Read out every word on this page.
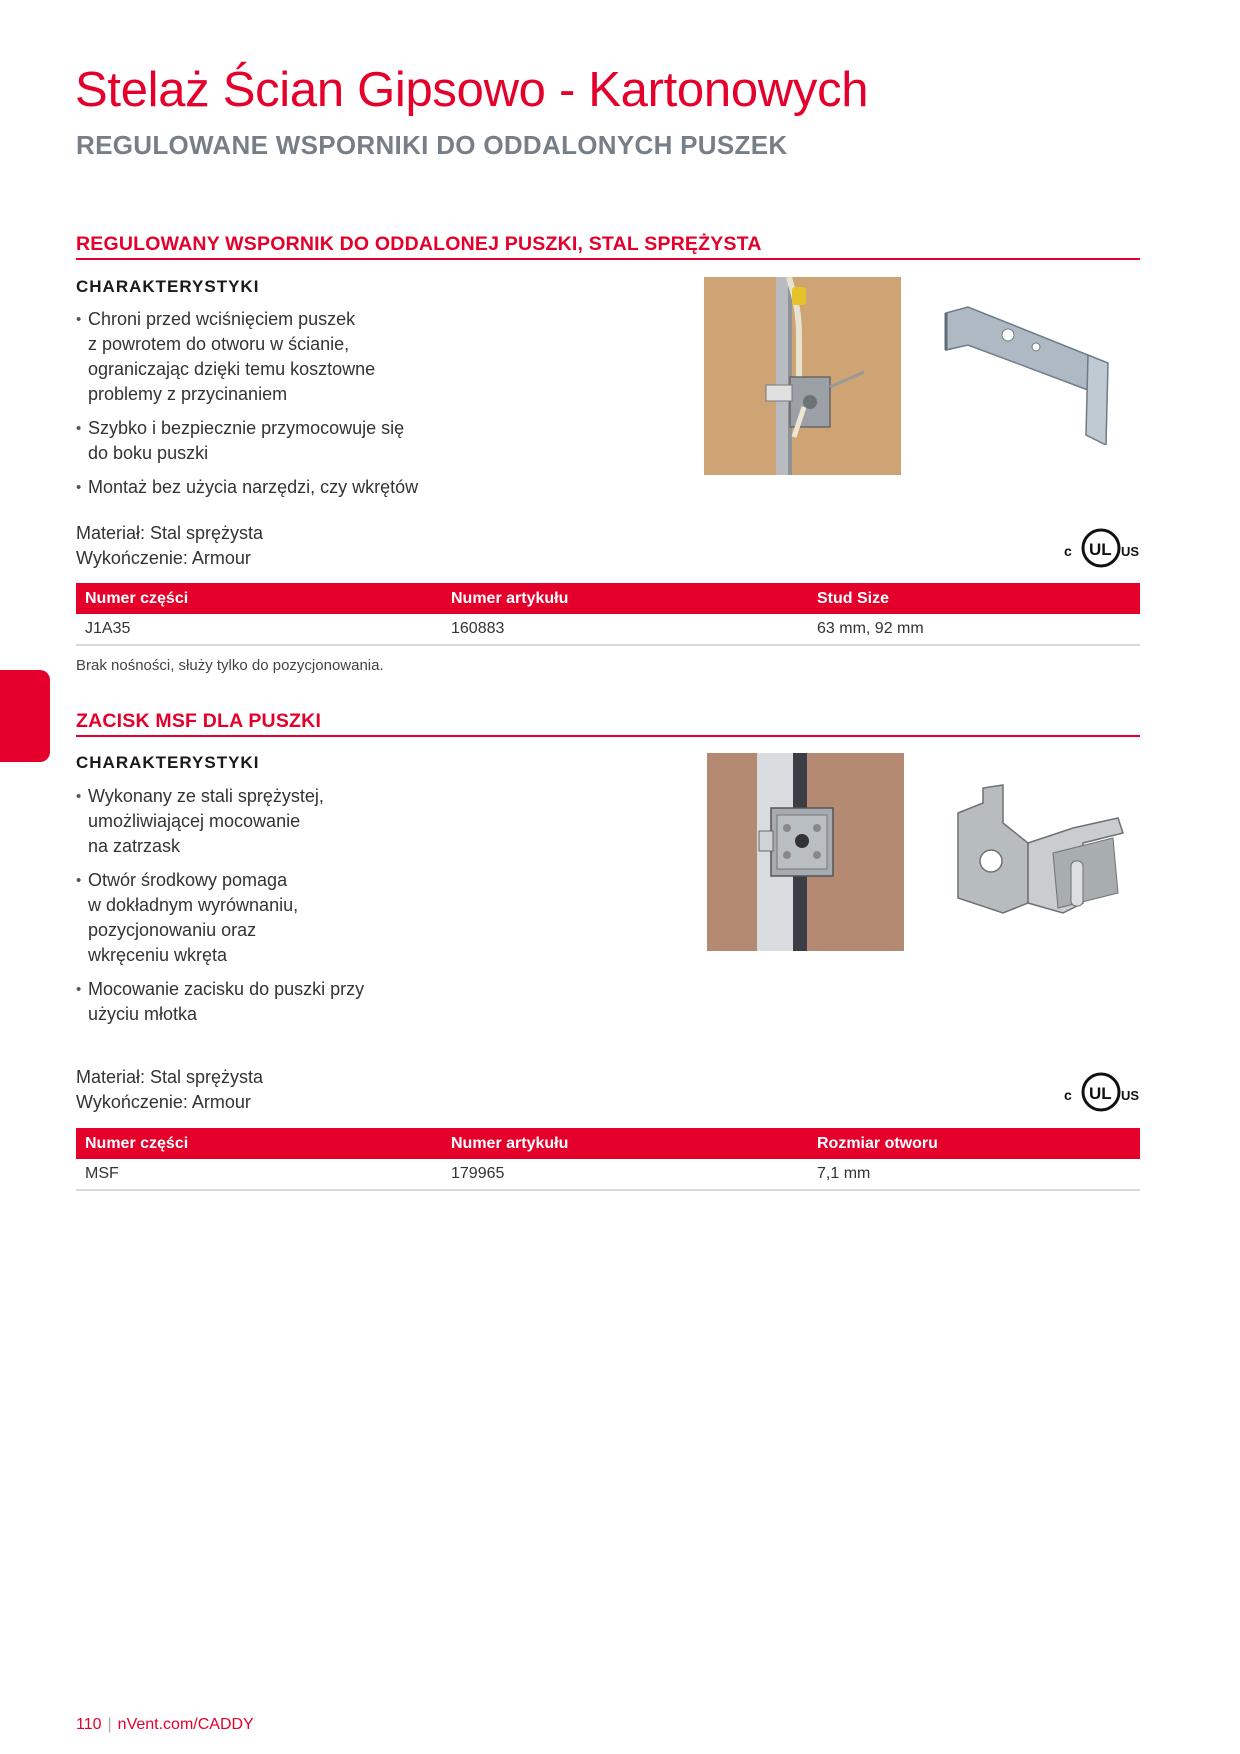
Stelaż Ścian Gipsowo - Kartonowych
REGULOWANE WSPORNIKI DO ODDALONYCH PUSZEK
REGULOWANY WSPORNIK DO ODDALONEJ PUSZKI, STAL SPRĘŻYSTA
CHARAKTERYSTYKI
• Chroni przed wciśnięciem puszek
z powrotem do otworu w ścianie,
ograniczając dzięki temu kosztowne
problemy z przycinaniem
• Szybko i bezpiecznie przymocowuje się
do boku puszki
• Montaż bez użycia narzędzi, czy wkrętów
Materiał: Stal sprężysta
Wykończenie: Armour	c UL US
Numer części	Numer artykułu	Stud Size
J1A35	160883	63 mm, 92 mm
Brak nośności, służy tylko do pozycjonowania.
ZACISK MSF DLA PUSZKI
CHARAKTERYSTYKI
• Wykonany ze stali sprężystej,
umożliwiającej mocowanie
na zatrzask
• Otwór środkowy pomaga
w dokładnym wyrównaniu,
pozycjonowaniu oraz
wkręceniu wkręta
• Mocowanie zacisku do puszki przy
użyciu młotka
Materiał: Stal sprężysta
Wykończenie: Armour	c UL US
Numer części	Numer artykułu	Rozmiar otworu
MSF	179965	7,1 mm
110 | nVent.com/CADDY
